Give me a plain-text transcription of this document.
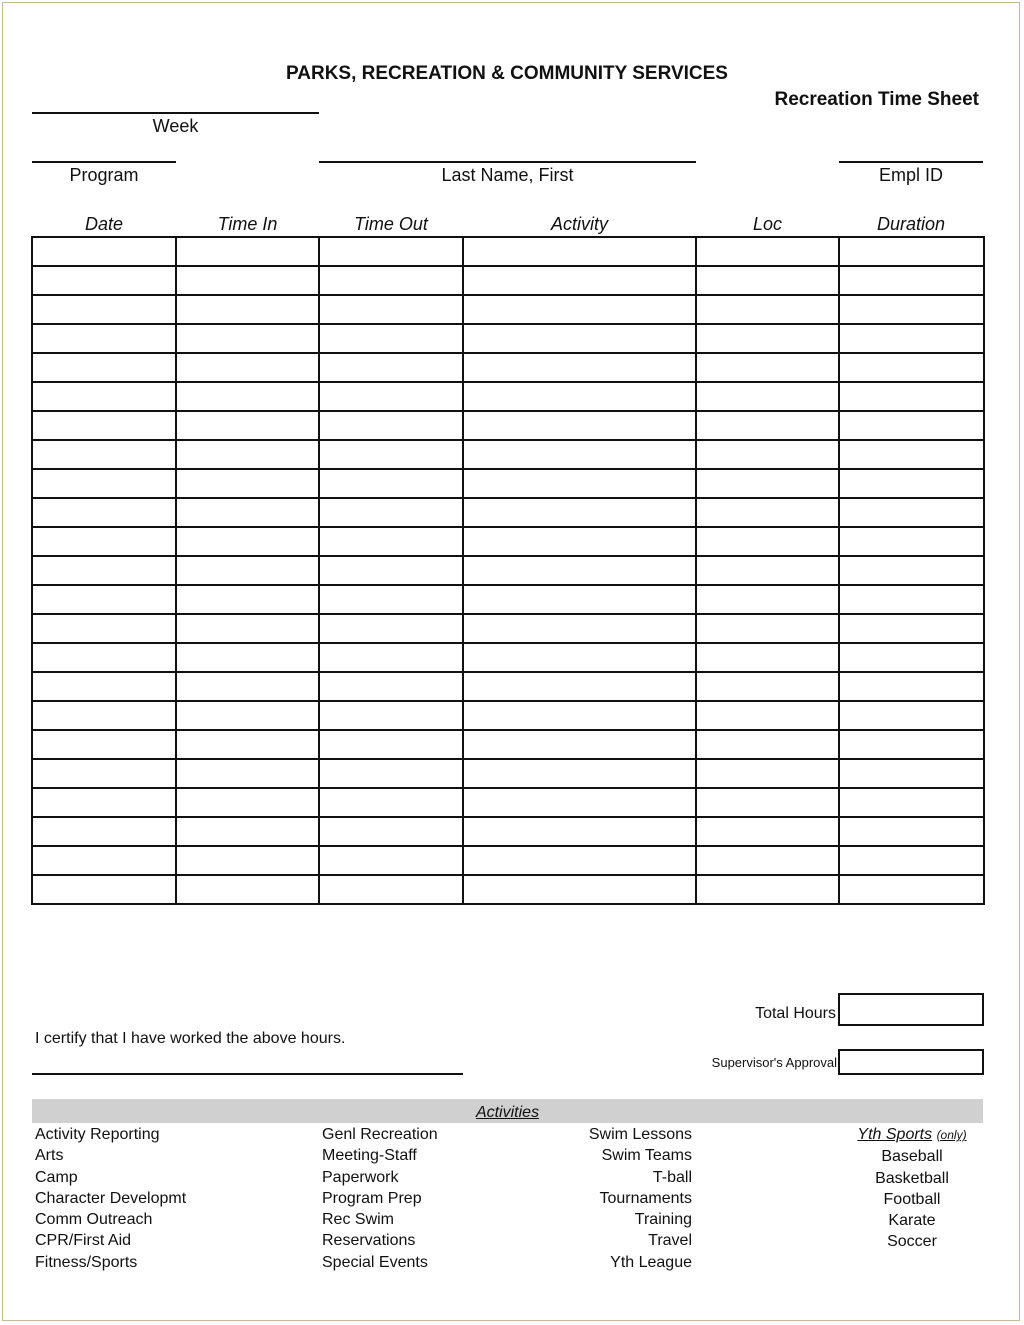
PARKS, RECREATION & COMMUNITY SERVICES
Recreation Time Sheet
Week
Program	Last Name, First	Empl ID
Date	Time In	Time Out	Activity	Loc	Duration

Total Hours
I certify that I have worked the above hours.
Supervisor's Approval
Activities
Activity Reporting
Arts
Camp
Character Developmt
Comm Outreach
CPR/First Aid
Fitness/Sports
Genl Recreation
Meeting-Staff
Paperwork
Program Prep
Rec Swim
Reservations
Special Events
Swim Lessons
Swim Teams
T-ball
Tournaments
Training
Travel
Yth League
Yth Sports (only)
Baseball
Basketball
Football
Karate
Soccer
